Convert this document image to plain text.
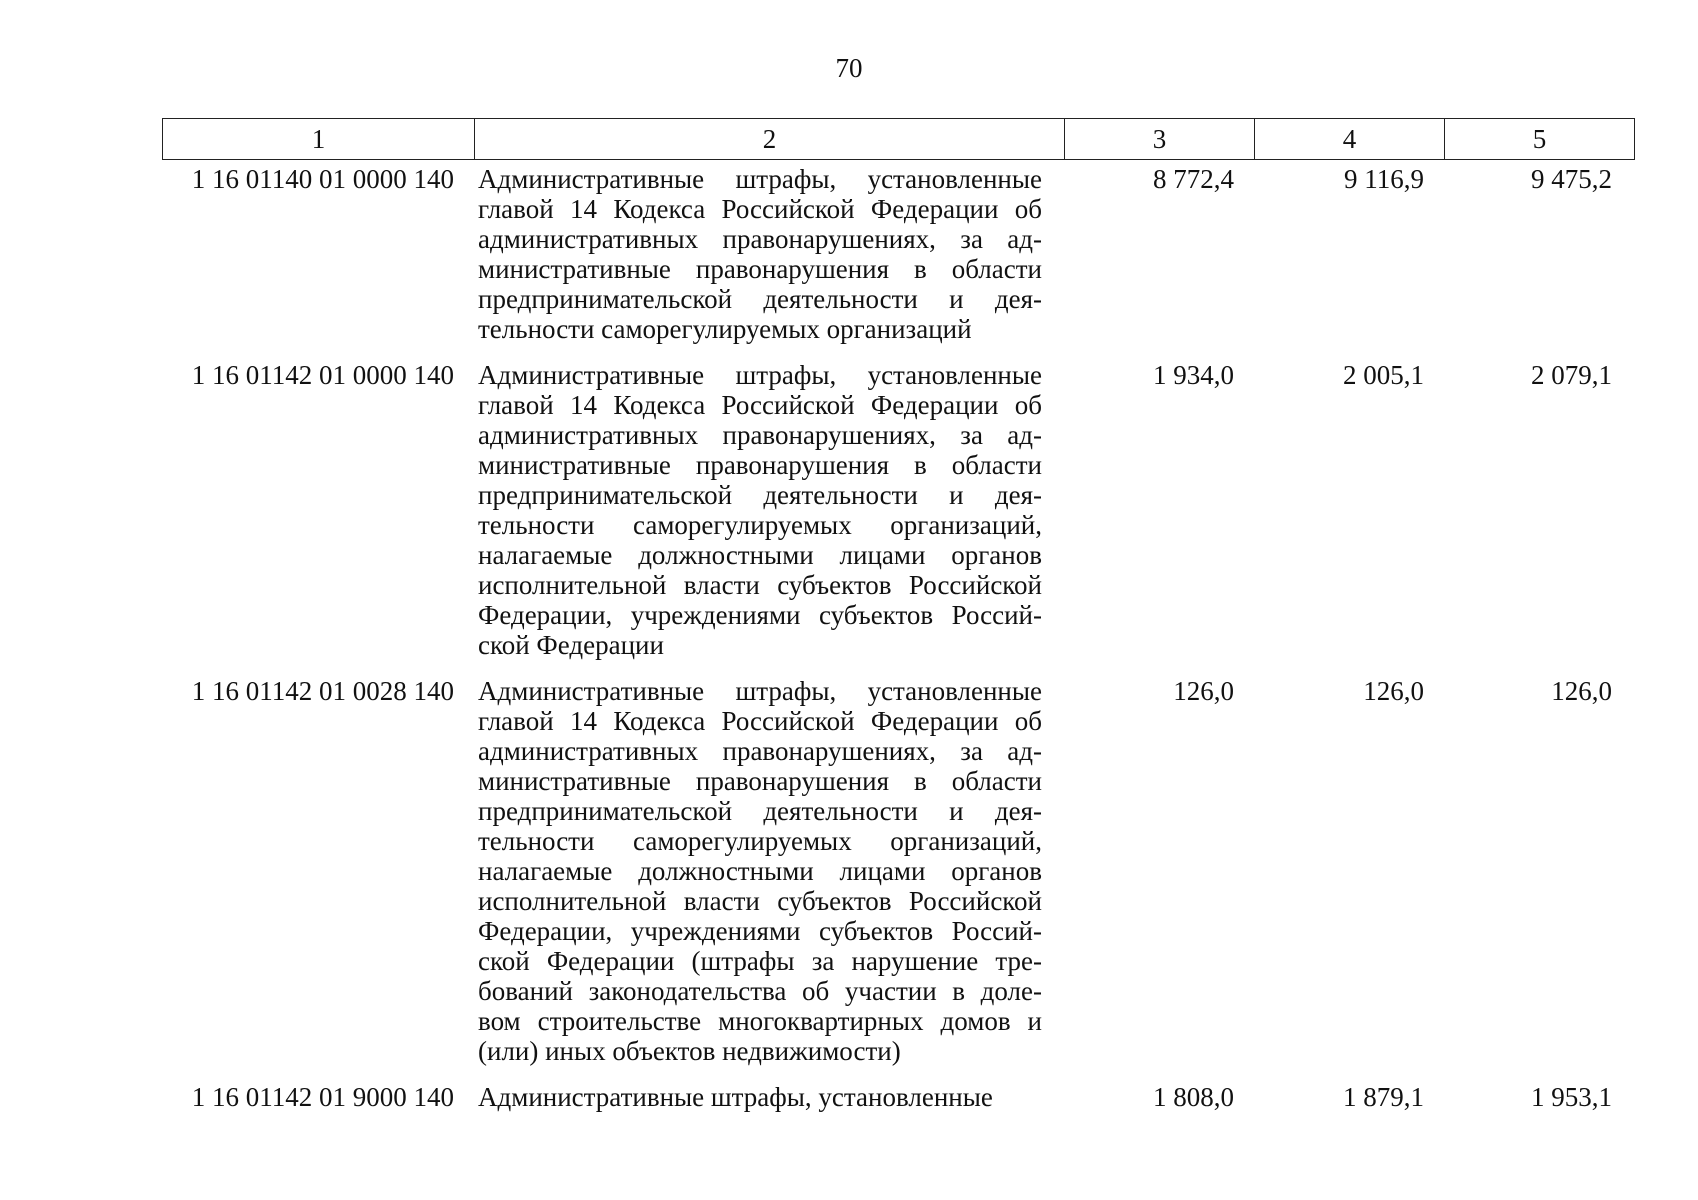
70
1	2	3	4	5
1 16 01140 01 0000 140 Административные штрафы, установленные
главой 14 Кодекса Российской Федерации об
административных правонарушениях, за ад-
министративные правонарушения в области
предпринимательской деятельности и дея-
тельности саморегулируемых организаций
8 772,4	9 116,9	9 475,2
1 16 01142 01 0000 140 Административные штрафы, установленные
главой 14 Кодекса Российской Федерации об
административных правонарушениях, за ад-
министративные правонарушения в области
предпринимательской деятельности и дея-
тельности саморегулируемых организаций,
налагаемые должностными лицами органов
исполнительной власти субъектов Российской
Федерации, учреждениями субъектов Россий-
ской Федерации
1 934,0	2 005,1	2 079,1
1 16 01142 01 0028 140 Административные штрафы, установленные
главой 14 Кодекса Российской Федерации об
административных правонарушениях, за ад-
министративные правонарушения в области
предпринимательской деятельности и дея-
тельности саморегулируемых организаций,
налагаемые должностными лицами органов
исполнительной власти субъектов Российской
Федерации, учреждениями субъектов Россий-
ской Федерации (штрафы за нарушение тре-
бований законодательства об участии в доле-
вом строительстве многоквартирных домов и
(или) иных объектов недвижимости)
126,0	126,0	126,0
1 16 01142 01 9000 140 Административные штрафы, установленные	1 808,0	1 879,1	1 953,1
